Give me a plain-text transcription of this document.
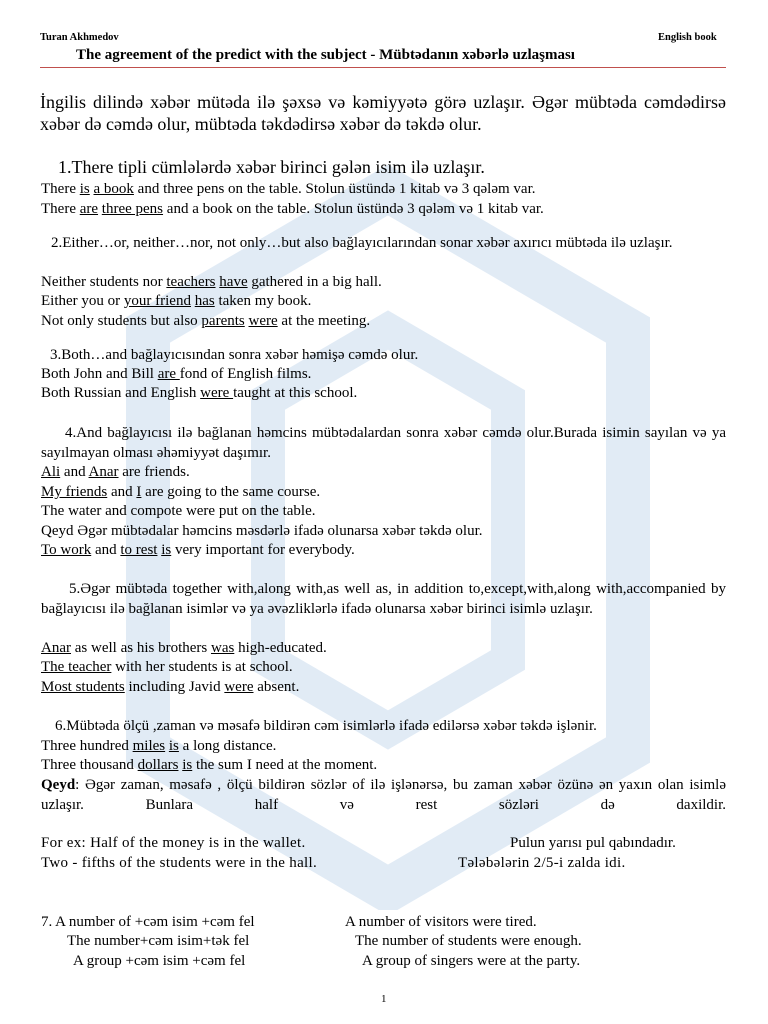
Turan Akhmedov	English book
The agreement of the predict with the subject - Mübtədanın xəbərlə uzlaşması
İngilis dilində xəbər mütəda ilə şəxsə və kəmiyyətə görə uzlaşır. Əgər mübtəda cəmdədirsə xəbər də cəmdə olur, mübtəda təkdədirsə xəbər də təkdə olur.
1.There tipli cümlələrdə xəbər birinci gələn isim ilə uzlaşır.
There is a book and three pens on the table. Stolun üstündə 1 kitab və 3 qələm var.
There are three pens and a book on the table. Stolun üstündə 3 qələm və 1 kitab var.
2.Either…or, neither…nor, not only…but also bağlayıcılarından sonar xəbər axırıcı mübtəda ilə uzlaşır.
Neither students nor teachers have gathered in a big hall.
Either you or your friend has taken my book.
Not only students but also parents were at the meeting.
3.Both…and bağlayıcısından sonra xəbər həmişə cəmdə olur.
Both John and Bill are fond of English films.
Both Russian and English were taught at this school.
4.And bağlayıcısı ilə bağlanan həmcins mübtədalardan sonra xəbər cəmdə olur.Burada isimin sayılan və ya sayılmayan olması əhəmiyyət daşımır.
Ali and Anar are friends.
My friends and I are going to the same course.
The water and compote were put on the table.
Qeyd Əgər mübtədalar həmcins məsdərlə ifadə olunarsa xəbər təkdə olur.
To work and to rest is very important for everybody.
5.Əgər mübtəda together with,along with,as well as, in addition to,except,with,along with,accompanied by bağlayıcısı ilə bağlanan isimlər və ya əvəzliklərlə ifadə olunarsa xəbər birinci isimlə uzlaşır.
Anar as well as his brothers was high-educated.
The teacher with her students is at school.
Most students including Javid were absent.
6.Mübtəda ölçü ,zaman və məsafə bildirən cəm isimlərlə ifadə edilərsə xəbər təkdə işlənir.
Three hundred miles is a long distance.
Three thousand dollars is the sum I need at the moment.
Qeyd: Əgər zaman, məsafə , ölçü bildirən sözlər of ilə işlənərsə, bu zaman xəbər özünə ən yaxın olan isimlə uzlaşır. Bunlara half və rest sözləri də daxildir.
For ex: Half of the money is in the wallet.	Pulun yarısı pul qabındadır.
Two - fifths of the students were in the hall.	Tələbələrin 2/5-i zalda idi.
7. A number of +cəm isim +cəm fel	A number of visitors were tired.
The number+cəm isim+tək fel	The number of students were enough.
A group +cəm isim +cəm fel	A group of singers were at the party.
1
